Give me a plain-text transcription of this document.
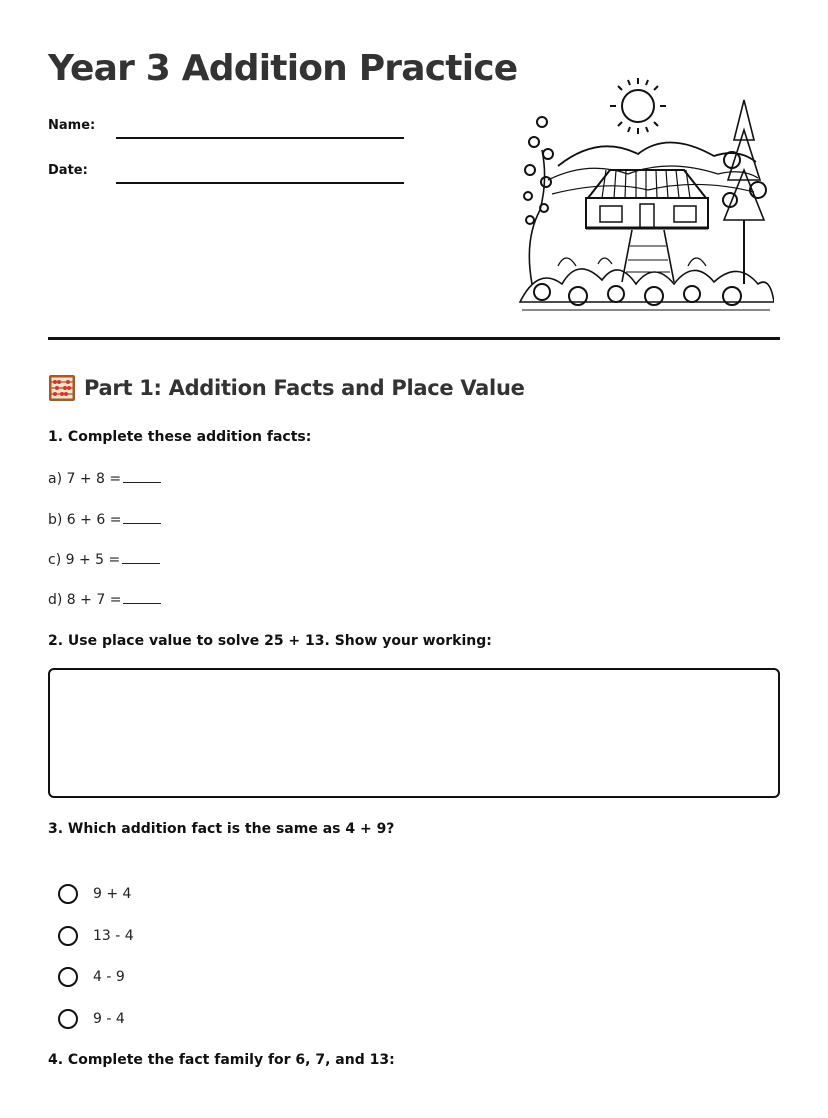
Year 3 Addition Practice
Name:
Date:
Part 1: Addition Facts and Place Value
1. Complete these addition facts:
a) 7 + 8 =
b) 6 + 6 =
c) 9 + 5 =
d) 8 + 7 =
2. Use place value to solve 25 + 13. Show your working:
3. Which addition fact is the same as 4 + 9?
9 + 4
13 - 4
4 - 9
9 - 4
4. Complete the fact family for 6, 7, and 13:
